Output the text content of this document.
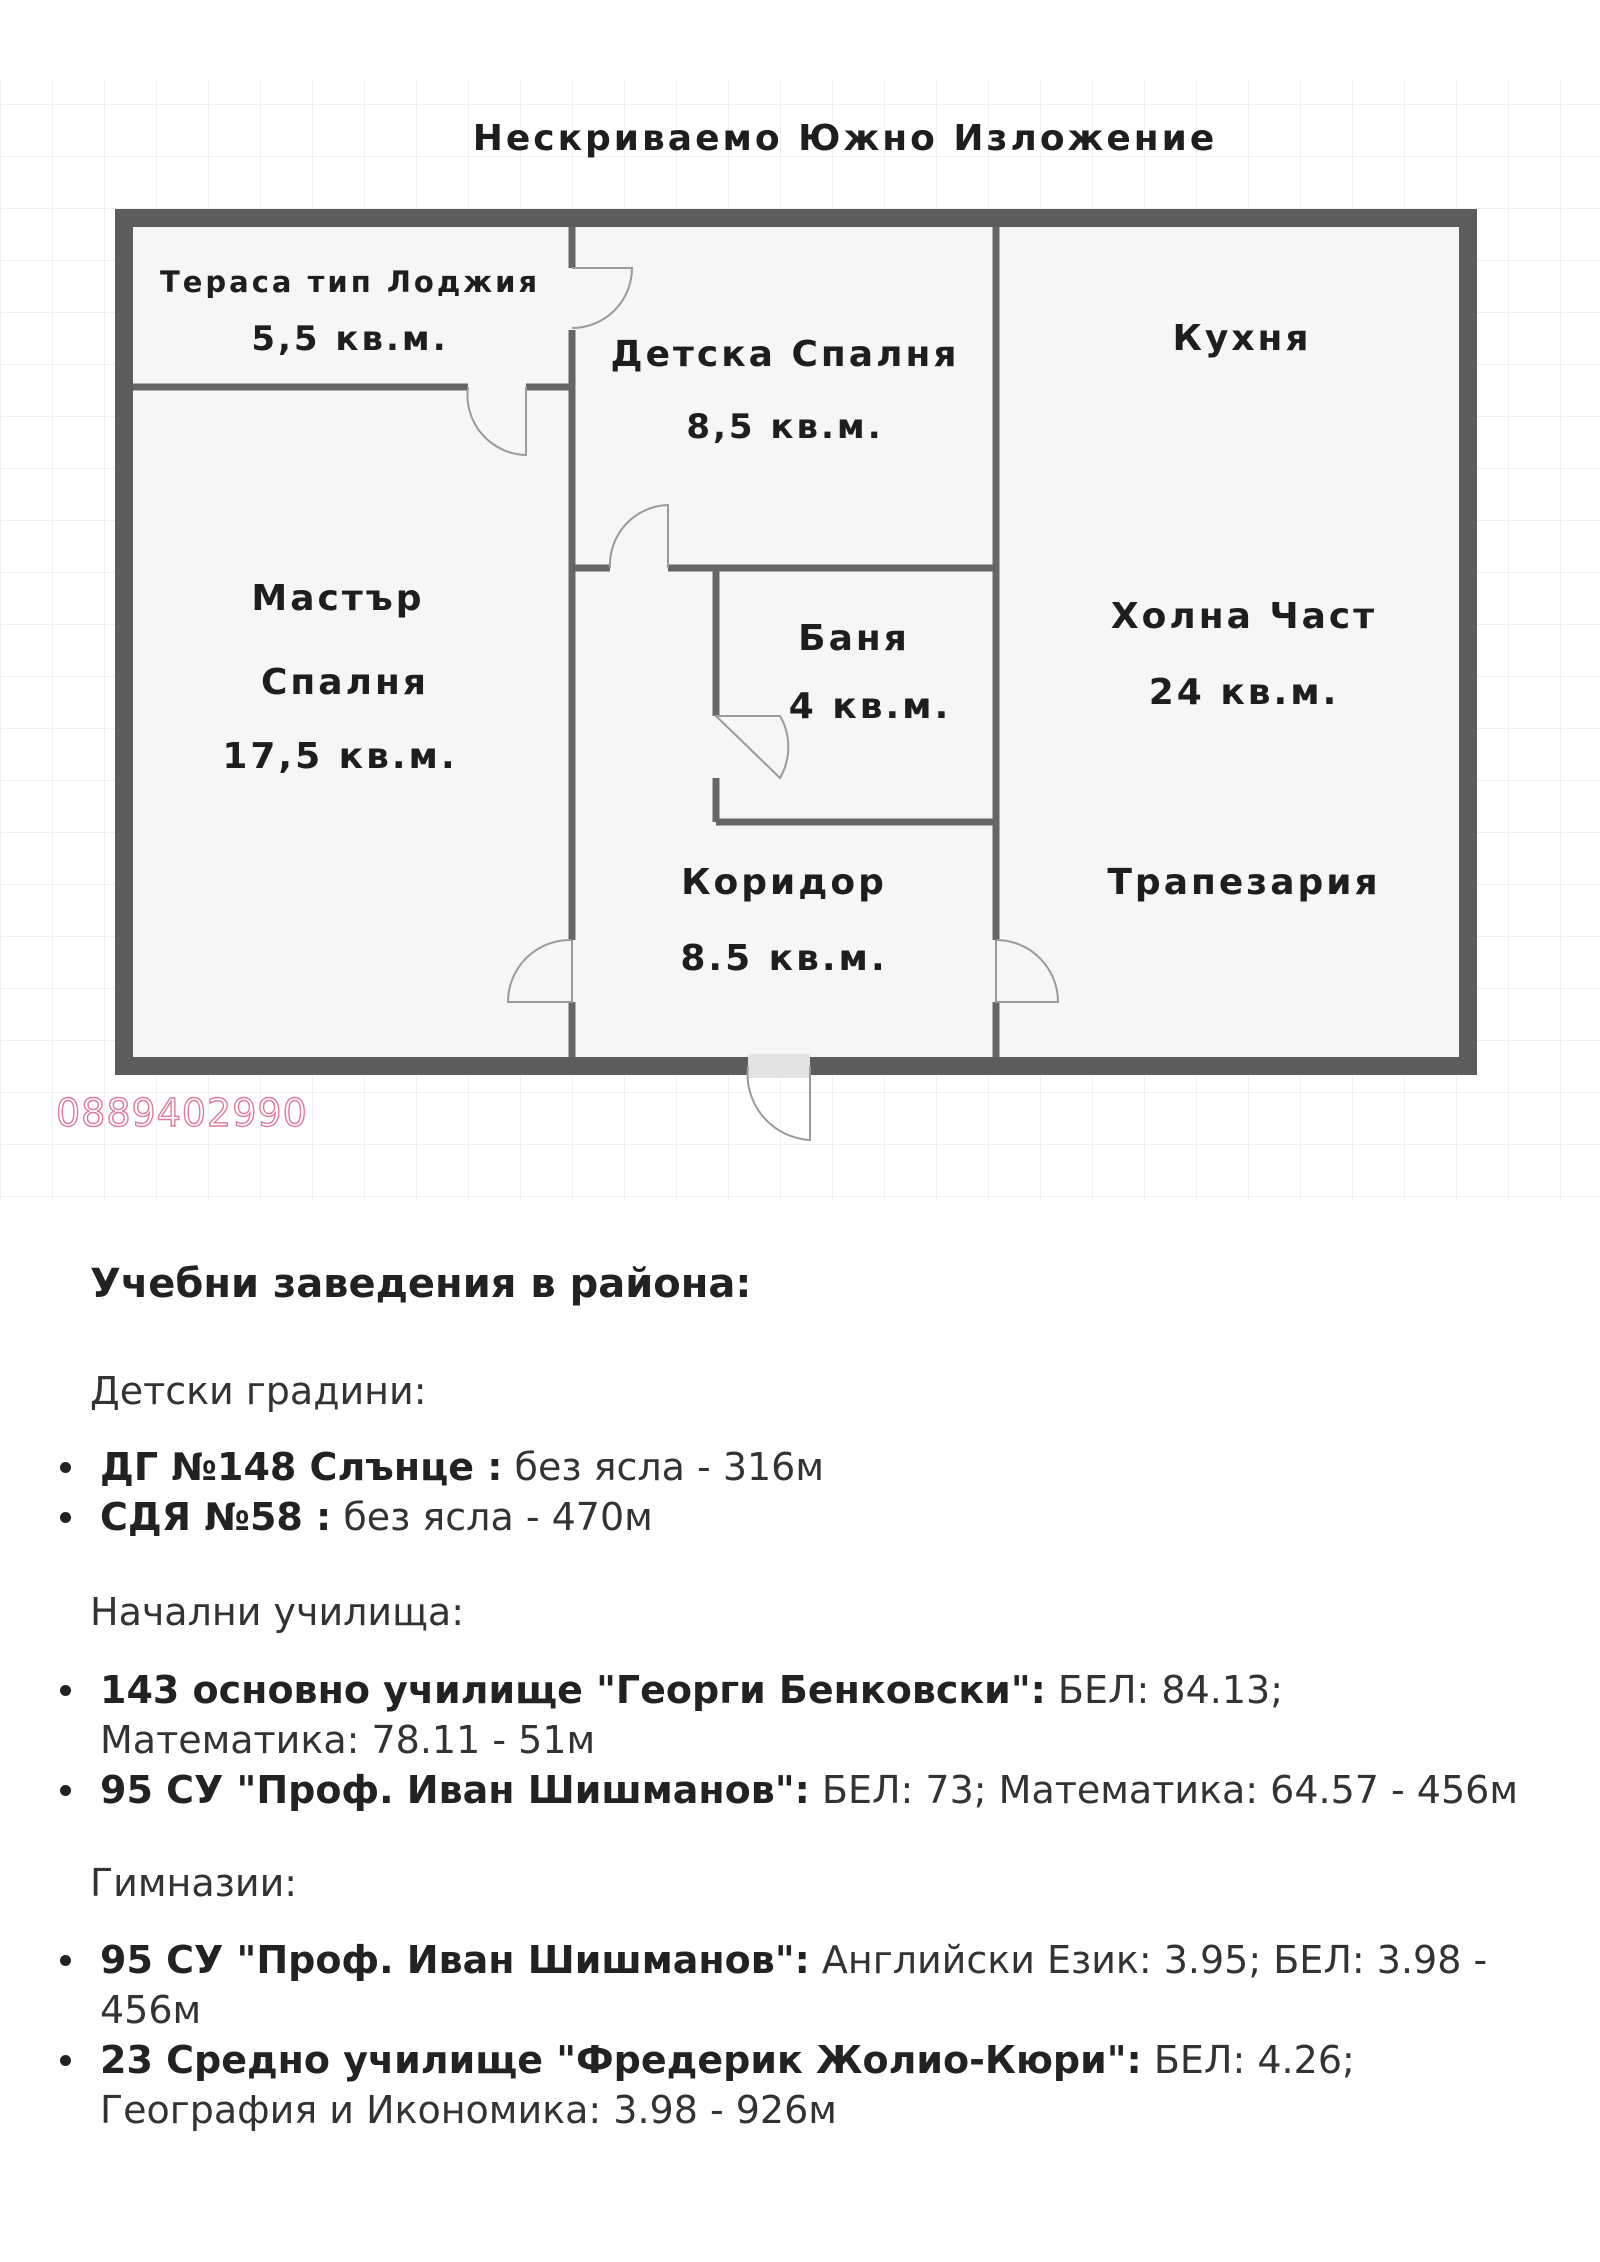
Нескриваемо Южно Изложение
Тераса тип Лоджия
5,5 кв.м.	Детска Спалня
8,5 кв.м.
Кухня
Мастър
Спалня
17,5 кв.м.
Баня
4 кв.м.
Холна Част
24 кв.м.
Коридор
8.5 кв.м.
Трапезария
0889402990

Учебни заведения в района:

Детски градини:

ДГ №148 Слънце : без ясла - 316м
СДЯ №58 : без ясла - 470м

Начални училища:

143 основно училище "Георги Бенковски": БЕЛ: 84.13; Математика: 78.11 - 51м
95 СУ "Проф. Иван Шишманов": БЕЛ: 73; Математика: 64.57 - 456м

Гимназии:

95 СУ "Проф. Иван Шишманов": Английски Език: 3.95; БЕЛ: 3.98 - 456м
23 Средно училище "Фредерик Жолио-Кюри": БЕЛ: 4.26; География и Икономика: 3.98 - 926м
